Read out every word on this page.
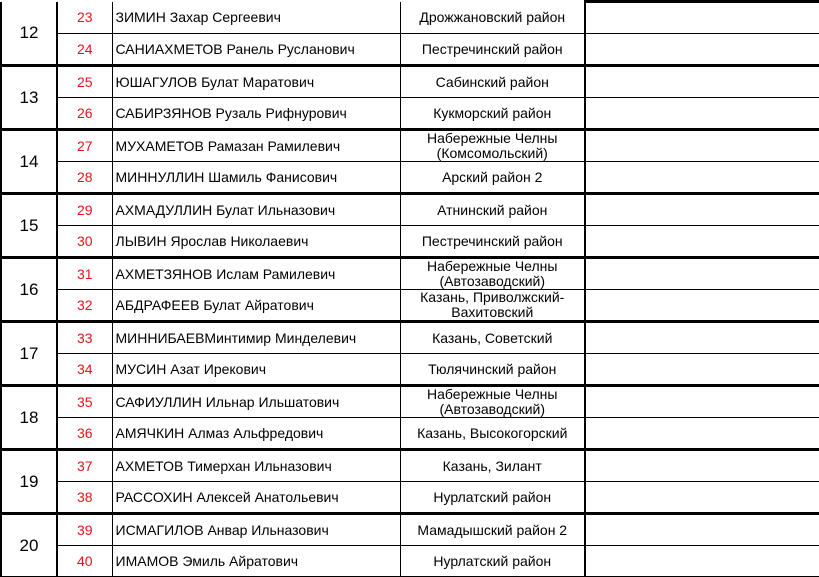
12	23	ЗИМИН Захар Сергеевич	Дрожжановский район	

	24	САНИАХМЕТОВ Ранель Русланович	Пестречинский район	

13	25	ЮШАГУЛОВ Булат Маратович	Сабинский район	

	26	САБИРЗЯНОВ Рузаль Рифнурович	Кукморский район	

14	27	МУХАМЕТОВ Рамазан Рамилевич	Набережные Челны (Комсомольский)	

	28	МИННУЛЛИН Шамиль Фанисович	Арский район 2	

15	29	АХМАДУЛЛИН Булат Ильназович	Атнинский район	

	30	ЛЫВИН Ярослав Николаевич	Пестречинский район	

16	31	АХМЕТЗЯНОВ Ислам Рамилевич	Набережные Челны (Автозаводский)	

	32	АБДРАФЕЕВ Булат Айратович	Казань, Приволжский-Вахитовский	

17	33	МИННИБАЕВМинтимир Минделевич	Казань, Советский	

	34	МУСИН Азат Ирекович	Тюлячинский район	

18	35	САФИУЛЛИН Ильнар Ильшатович	Набережные Челны (Автозаводский)	

	36	АМЯЧКИН Алмаз Альфредович	Казань, Высокогорский	

19	37	АХМЕТОВ Тимерхан Ильназович	Казань, Зилант	

	38	РАССОХИН Алексей Анатольевич	Нурлатский район	

20	39	ИСМАГИЛОВ Анвар Ильназович	Мамадышский район 2	

	40	ИМАМОВ Эмиль Айратович	Нурлатский район	
